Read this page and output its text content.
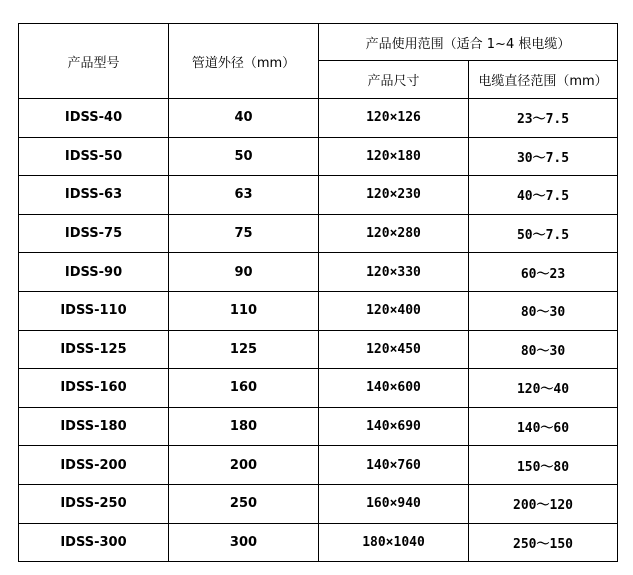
产品型号	管道外径（mm）	产品使用范围（适合 1~4 根电缆）	
		产品尺寸	电缆直径范围（mm）
IDSS-40	40	120×126	23～7.5
IDSS-50	50	120×180	30～7.5
IDSS-63	63	120×230	40～7.5
IDSS-75	75	120×280	50～7.5
IDSS-90	90	120×330	60～23
IDSS-110	110	120×400	80～30
IDSS-125	125	120×450	80～30
IDSS-160	160	140×600	120～40
IDSS-180	180	140×690	140～60
IDSS-200	200	140×760	150～80
IDSS-250	250	160×940	200～120
IDSS-300	300	180×1040	250～150
